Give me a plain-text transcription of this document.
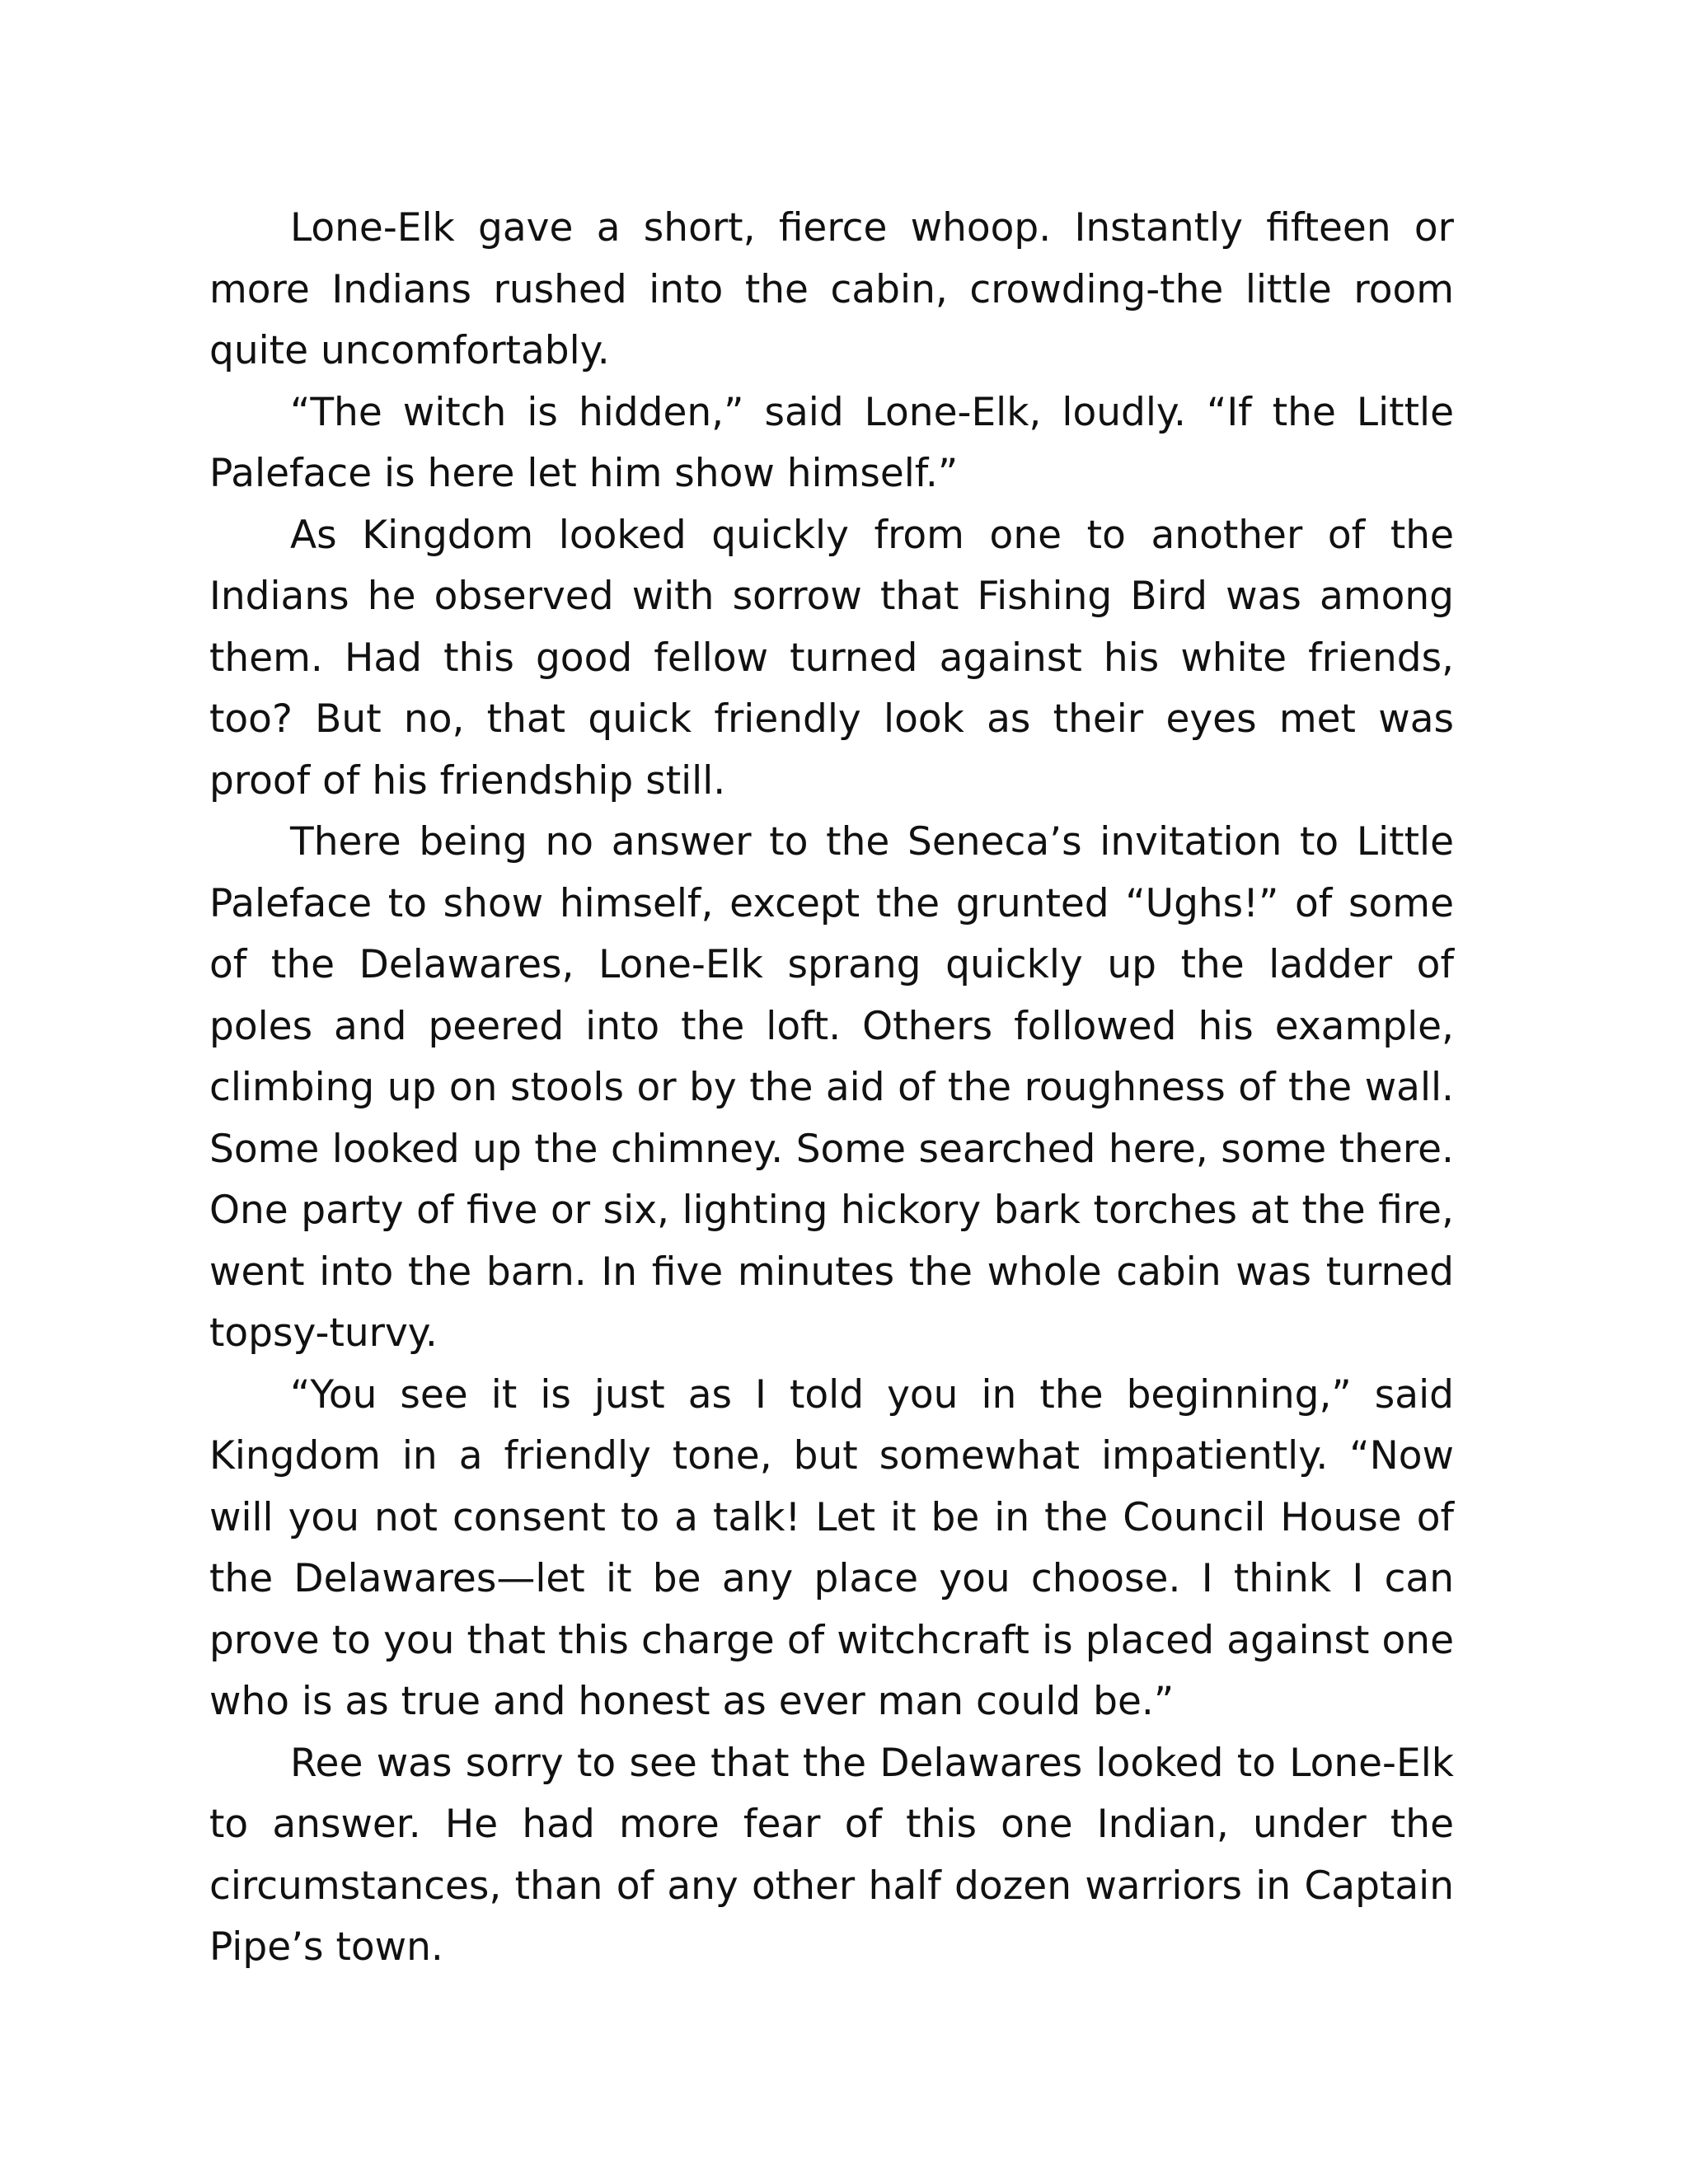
Lone-Elk gave a short, fierce whoop. Instantly fifteen or more Indians rushed into the cabin, crowding-the little room quite uncomfortably.

“The witch is hidden,” said Lone-Elk, loudly. “If the Little Paleface is here let him show himself.”

As Kingdom looked quickly from one to another of the Indians he observed with sorrow that Fishing Bird was among them. Had this good fellow turned against his white friends, too? But no, that quick friendly look as their eyes met was proof of his friendship still.

There being no answer to the Seneca’s invitation to Little Paleface to show himself, except the grunted “Ughs!” of some of the Delawares, Lone-Elk sprang quickly up the ladder of poles and peered into the loft. Others followed his example, climbing up on stools or by the aid of the roughness of the wall. Some looked up the chimney. Some searched here, some there. One party of five or six, lighting hickory bark torches at the fire, went into the barn. In five minutes the whole cabin was turned topsy-turvy.

“You see it is just as I told you in the beginning,” said Kingdom in a friendly tone, but somewhat impatiently. “Now will you not consent to a talk! Let it be in the Council House of the Delawares—let it be any place you choose. I think I can prove to you that this charge of witchcraft is placed against one who is as true and honest as ever man could be.”

Ree was sorry to see that the Delawares looked to Lone-Elk to answer. He had more fear of this one Indian, under the circumstances, than of any other half dozen warriors in Captain Pipe’s town.
